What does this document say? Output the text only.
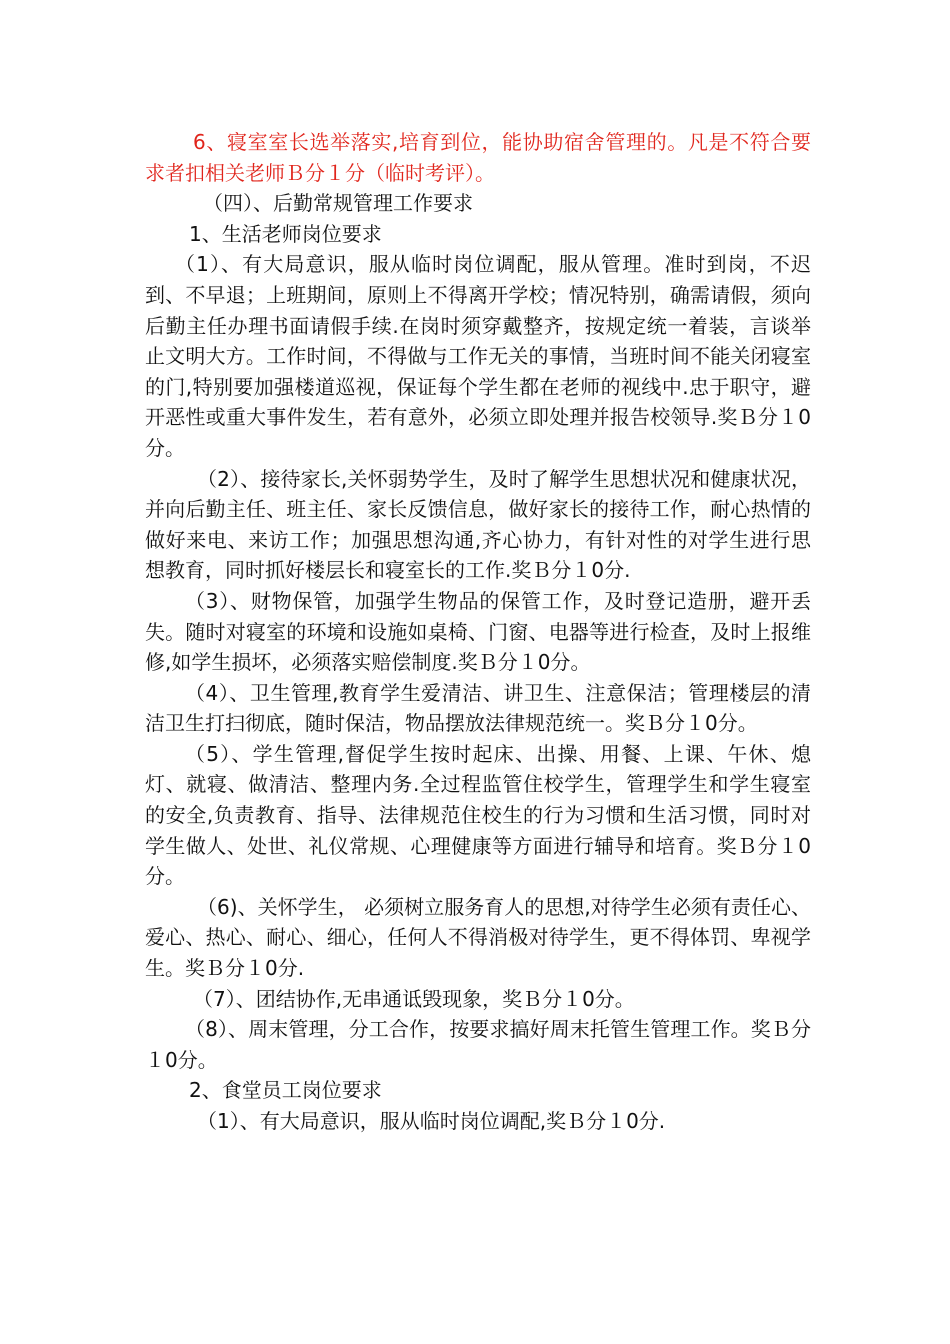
6、寝室室长选举落实,培育到位，能协助宿舍管理的。凡是不符合要求者扣相关老师Ｂ分１分（临时考评）。

（四）、后勤常规管理工作要求

1、生活老师岗位要求

（1）、有大局意识，服从临时岗位调配，服从管理。准时到岗，不迟到、不早退；上班期间，原则上不得离开学校；情况特别，确需请假，须向后勤主任办理书面请假手续.在岗时须穿戴整齐，按规定统一着装，言谈举止文明大方。工作时间，不得做与工作无关的事情，当班时间不能关闭寝室的门,特别要加强楼道巡视，保证每个学生都在老师的视线中.忠于职守，避开恶性或重大事件发生，若有意外，必须立即处理并报告校领导.奖Ｂ分１0分。

（2）、接待家长,关怀弱势学生，及时了解学生思想状况和健康状况，并向后勤主任、班主任、家长反馈信息，做好家长的接待工作，耐心热情的做好来电、来访工作；加强思想沟通,齐心协力，有针对性的对学生进行思想教育，同时抓好楼层长和寝室长的工作.奖Ｂ分１0分.

（3）、财物保管，加强学生物品的保管工作，及时登记造册，避开丢失。随时对寝室的环境和设施如桌椅、门窗、电器等进行检查，及时上报维修,如学生损坏，必须落实赔偿制度.奖Ｂ分１0分。

（4）、卫生管理,教育学生爱清洁、讲卫生、注意保洁；管理楼层的清洁卫生打扫彻底，随时保洁，物品摆放法律规范统一。奖Ｂ分１0分。

（5）、学生管理,督促学生按时起床、出操、用餐、上课、午休、熄灯、就寝、做清洁、整理内务.全过程监管住校学生，管理学生和学生寝室的安全,负责教育、指导、法律规范住校生的行为习惯和生活习惯，同时对学生做人、处世、礼仪常规、心理健康等方面进行辅导和培育。奖Ｂ分１0分。

（6)、关怀学生， 必须树立服务育人的思想,对待学生必须有责任心、爱心、热心、耐心、细心，任何人不得消极对待学生，更不得体罚、卑视学生。奖Ｂ分１0分.

（7）、团结协作,无串通诋毁现象，奖Ｂ分１0分。

（8）、周末管理，分工合作，按要求搞好周末托管生管理工作。奖Ｂ分１0分。

2、食堂员工岗位要求

（1）、有大局意识，服从临时岗位调配,奖Ｂ分１0分.
